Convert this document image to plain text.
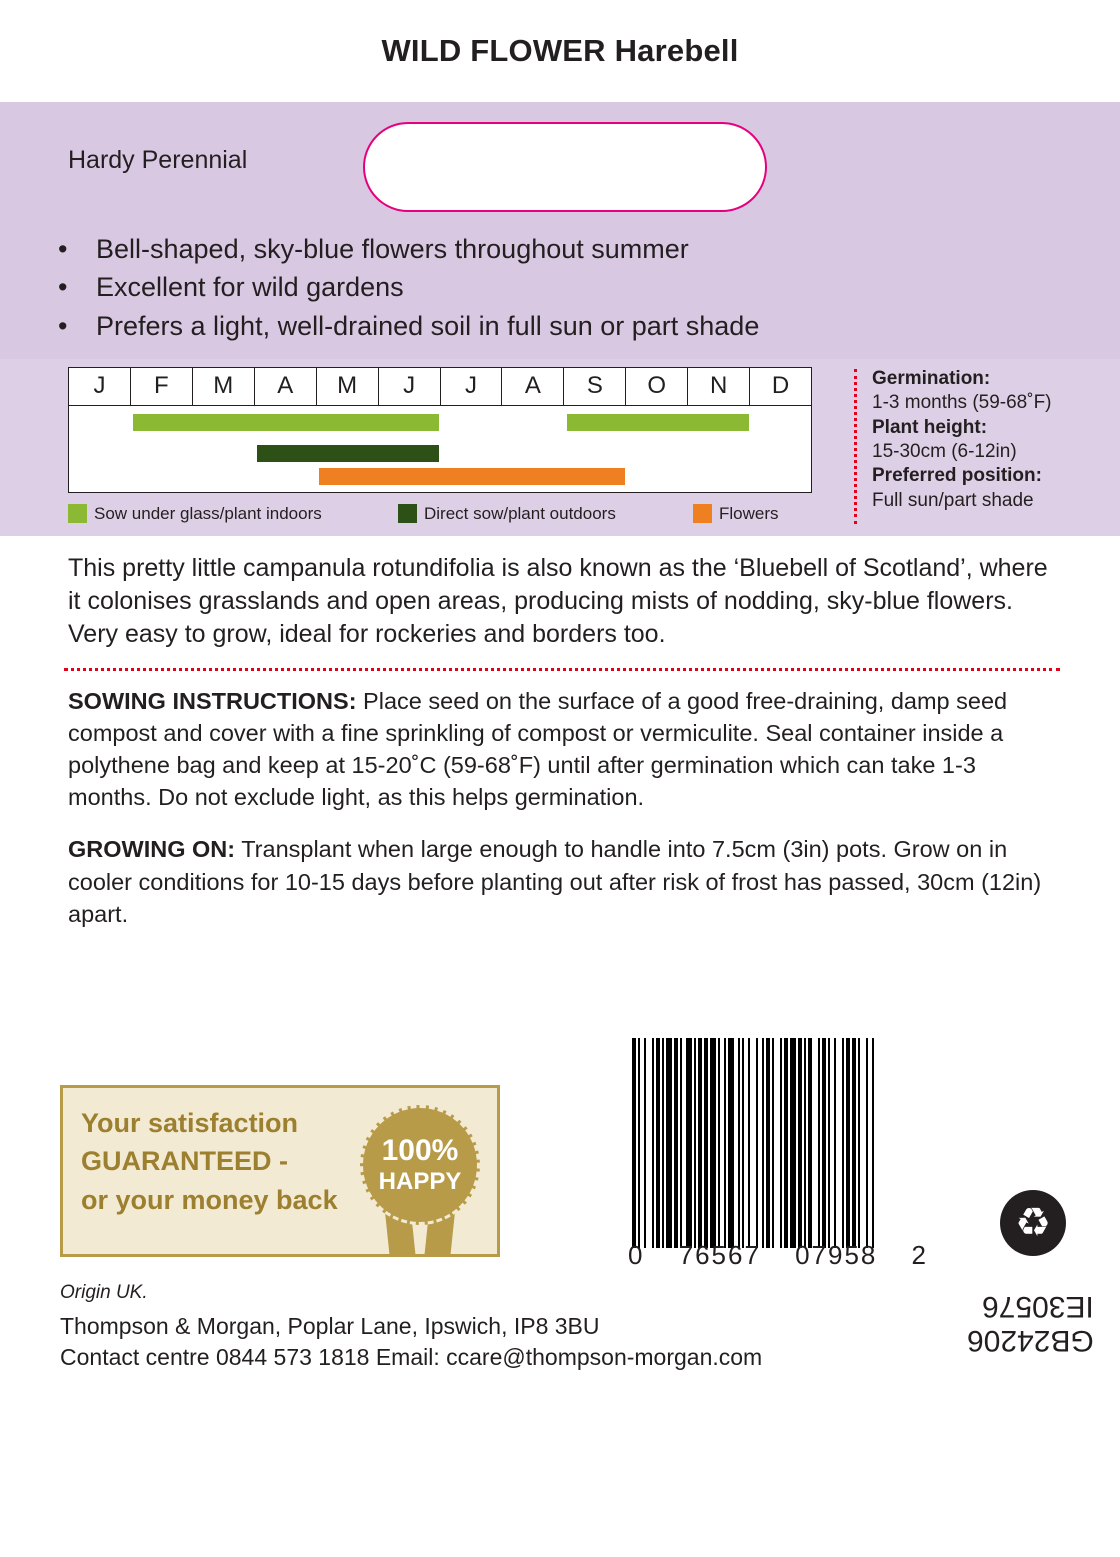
WILD FLOWER Harebell
Hardy Perennial
•	Bell-shaped, sky-blue flowers throughout summer
•	Excellent for wild gardens
•	Prefers a light, well-drained soil in full sun or part shade
J	F	M	A	M	J	J	A	S	O	N	D
Sow under glass/plant indoors	Direct sow/plant outdoors	Flowers
Germination:
1-3 months (59-68˚F)
Plant height:
15-30cm (6-12in)
Preferred position:
Full sun/part shade
This pretty little campanula rotundifolia is also known as the ‘Bluebell of Scotland’, where it colonises grasslands and open areas, producing mists of nodding, sky-blue flowers. Very easy to grow, ideal for rockeries and borders too.

SOWING INSTRUCTIONS: Place seed on the surface of a good free-draining, damp seed compost and cover with a fine sprinkling of compost or vermiculite. Seal container inside a polythene bag and keep at 15-20˚C (59-68˚F) until after germination which can take 1-3 months. Do not exclude light, as this helps germination.

GROWING ON: Transplant when large enough to handle into 7.5cm (3in) pots. Grow on in cooler conditions for 10-15 days before planting out after risk of frost has passed, 30cm (12in) apart.

Your satisfaction
GUARANTEED -
or your money back
100%
HAPPY
0 76567 07958 2
♻
Origin UK.
Thompson & Morgan, Poplar Lane, Ipswich, IP8 3BU
Contact centre 0844 573 1818 Email: ccare@thompson-morgan.com	GB24206
IE30576
